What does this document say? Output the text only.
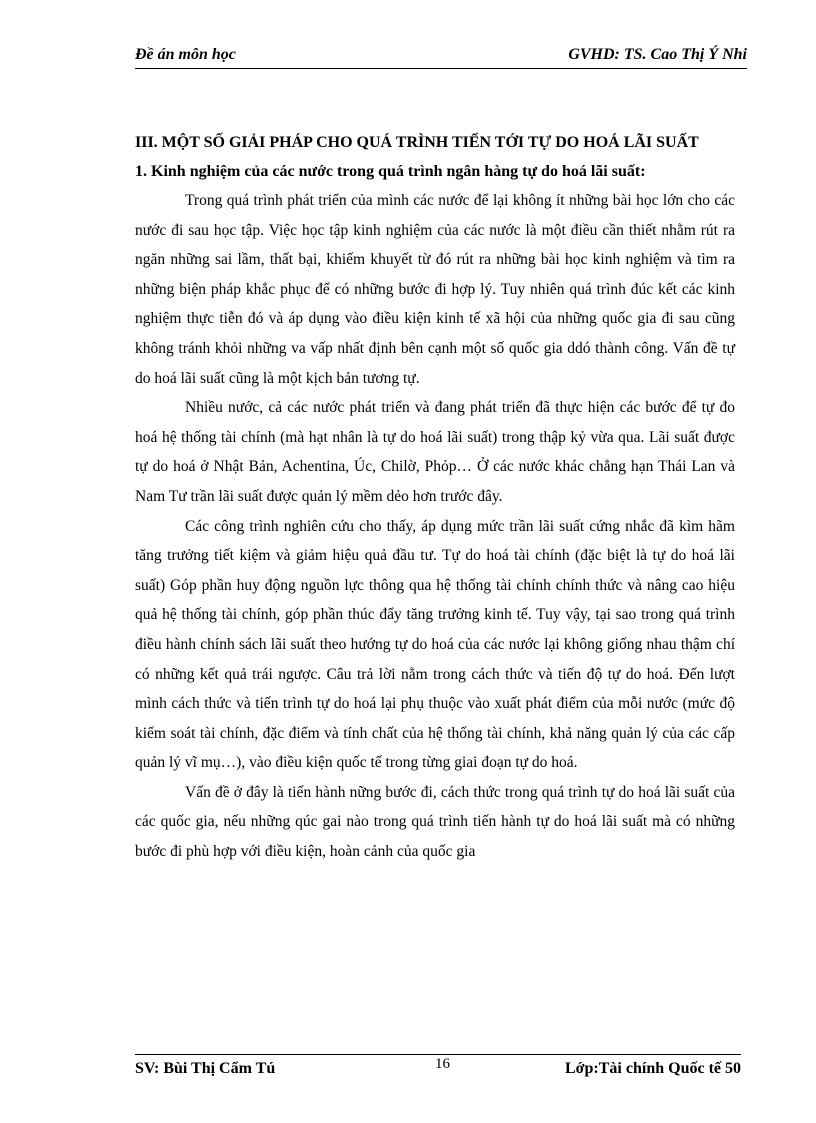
Đề án môn học	GVHD: TS. Cao Thị Ý Nhi

III. MỘT SỐ GIẢI PHÁP CHO QUÁ TRÌNH TIẾN TỚI TỰ DO HOÁ LÃI SUẤT

1. Kinh nghiệm của các nước trong quá trình ngân hàng tự do hoá lãi suất:

Trong quá trình phát triển của mình các nước để lại không ít những bài học lớn cho các nước đi sau học tập. Việc học tập kinh nghiệm của các nước là một điều cần thiết nhằm rút ra ngăn những sai lầm, thất bại, khiếm khuyết từ đó rút ra những bài học kinh nghiệm và tìm ra những biện pháp khắc phục để có những bước đi hợp lý. Tuy nhiên quá trình đúc kết các kinh nghiệm thực tiễn đó và áp dụng vào điều kiện kinh tế xã hội của những quốc gia đi sau cũng không tránh khỏi những va vấp nhất định bên cạnh một số quốc gia ddó thành công. Vấn đề tự do hoá lãi suất cũng là một kịch bản tương tự.

Nhiều nước, cả các nước phát triển và đang phát triển đã thực hiện các bước để tự đo hoá hệ thống tài chính (mà hạt nhân là tự do hoá lãi suất) trong thập kỷ vừa qua. Lãi suất được tự do hoá ở Nhật Bản, Achentina, Úc, Chilờ, Phỏp… Ở các nước khác chẳng hạn Thái Lan và Nam Tư trần lãi suất được quản lý mềm dẻo hơn trước đây.

Các công trình nghiên cứu cho thấy, áp dụng mức trần lãi suất cứng nhắc đã kìm hãm tăng trưởng tiết kiệm và giảm hiệu quả đầu tư. Tự do hoá tài chính (đặc biệt là tự do hoá lãi suất) Góp phần huy động nguồn lực thông qua hệ thống tài chính chính thức và nâng cao hiệu quả hệ thống tài chính, góp phần thúc đẩy tăng trưởng kinh tế. Tuy vậy, tại sao trong quá trình điều hành chính sách lãi suất theo hướng tự do hoá của các nước lại không giống nhau thậm chí có những kết quả trái ngược. Câu trả lời nằm trong cách thức và tiến độ tự do hoá. Đến lượt mình cách thức và tiến trình tự do hoá lại phụ thuộc vào xuất phát điểm của mỗi nước (mức độ kiểm soát tài chính, đặc điểm và tính chất của hệ thống tài chính, khả năng quản lý của các cấp quản lý vĩ mụ…), vào điều kiện quốc tế trong từng giai đoạn tự do hoá.

Vấn đề ở đây là tiến hành nững bước đi, cách thức trong quá trình tự do hoá lãi suất của các quốc gia, nếu những qúc gai nào trong quá trình tiến hành tự do hoá lãi suất mà có những bước đi phù hợp với điều kiện, hoàn cảnh của quốc gia

SV: Bùi Thị Cẩm Tú	16	Lớp:Tài chính Quốc tế 50
